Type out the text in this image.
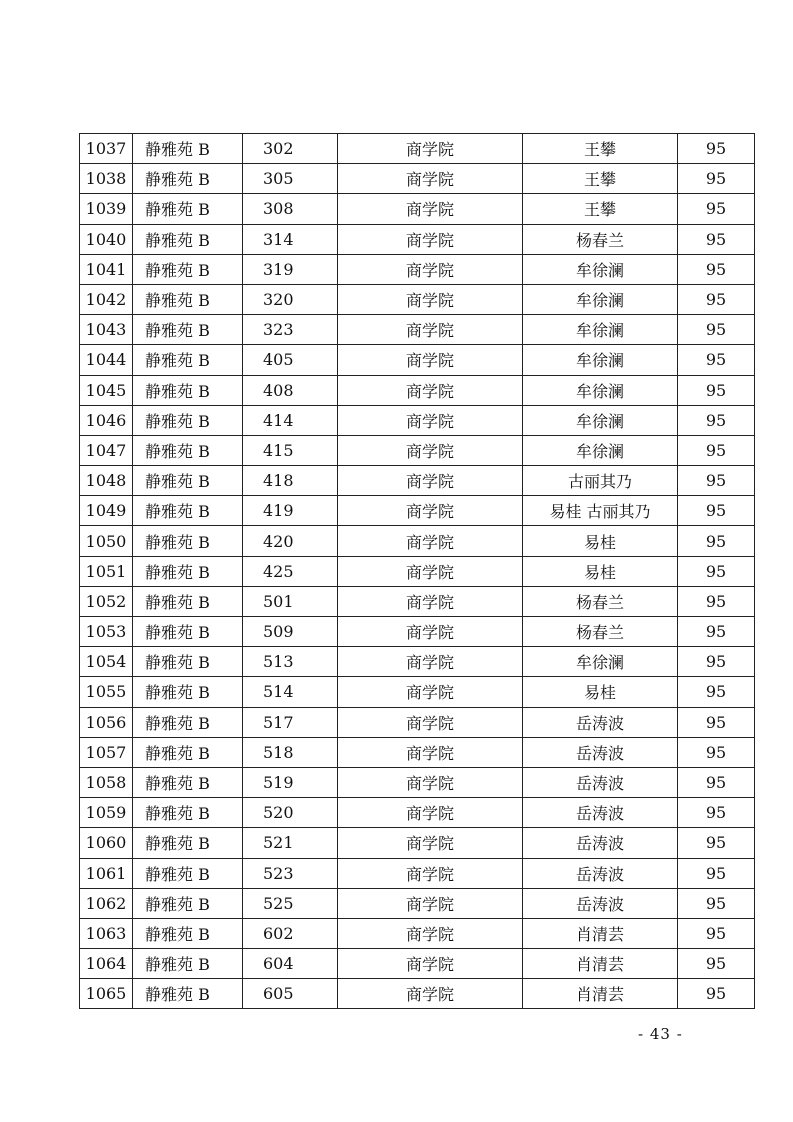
1037	静雅苑 B	302	商学院	王攀	95
1038	静雅苑 B	305	商学院	王攀	95
1039	静雅苑 B	308	商学院	王攀	95
1040	静雅苑 B	314	商学院	杨春兰	95
1041	静雅苑 B	319	商学院	牟徐澜	95
1042	静雅苑 B	320	商学院	牟徐澜	95
1043	静雅苑 B	323	商学院	牟徐澜	95
1044	静雅苑 B	405	商学院	牟徐澜	95
1045	静雅苑 B	408	商学院	牟徐澜	95
1046	静雅苑 B	414	商学院	牟徐澜	95
1047	静雅苑 B	415	商学院	牟徐澜	95
1048	静雅苑 B	418	商学院	古丽其乃	95
1049	静雅苑 B	419	商学院	易桂 古丽其乃	95
1050	静雅苑 B	420	商学院	易桂	95
1051	静雅苑 B	425	商学院	易桂	95
1052	静雅苑 B	501	商学院	杨春兰	95
1053	静雅苑 B	509	商学院	杨春兰	95
1054	静雅苑 B	513	商学院	牟徐澜	95
1055	静雅苑 B	514	商学院	易桂	95
1056	静雅苑 B	517	商学院	岳涛波	95
1057	静雅苑 B	518	商学院	岳涛波	95
1058	静雅苑 B	519	商学院	岳涛波	95
1059	静雅苑 B	520	商学院	岳涛波	95
1060	静雅苑 B	521	商学院	岳涛波	95
1061	静雅苑 B	523	商学院	岳涛波	95
1062	静雅苑 B	525	商学院	岳涛波	95
1063	静雅苑 B	602	商学院	肖清芸	95
1064	静雅苑 B	604	商学院	肖清芸	95
1065	静雅苑 B	605	商学院	肖清芸	95
- 43 -
